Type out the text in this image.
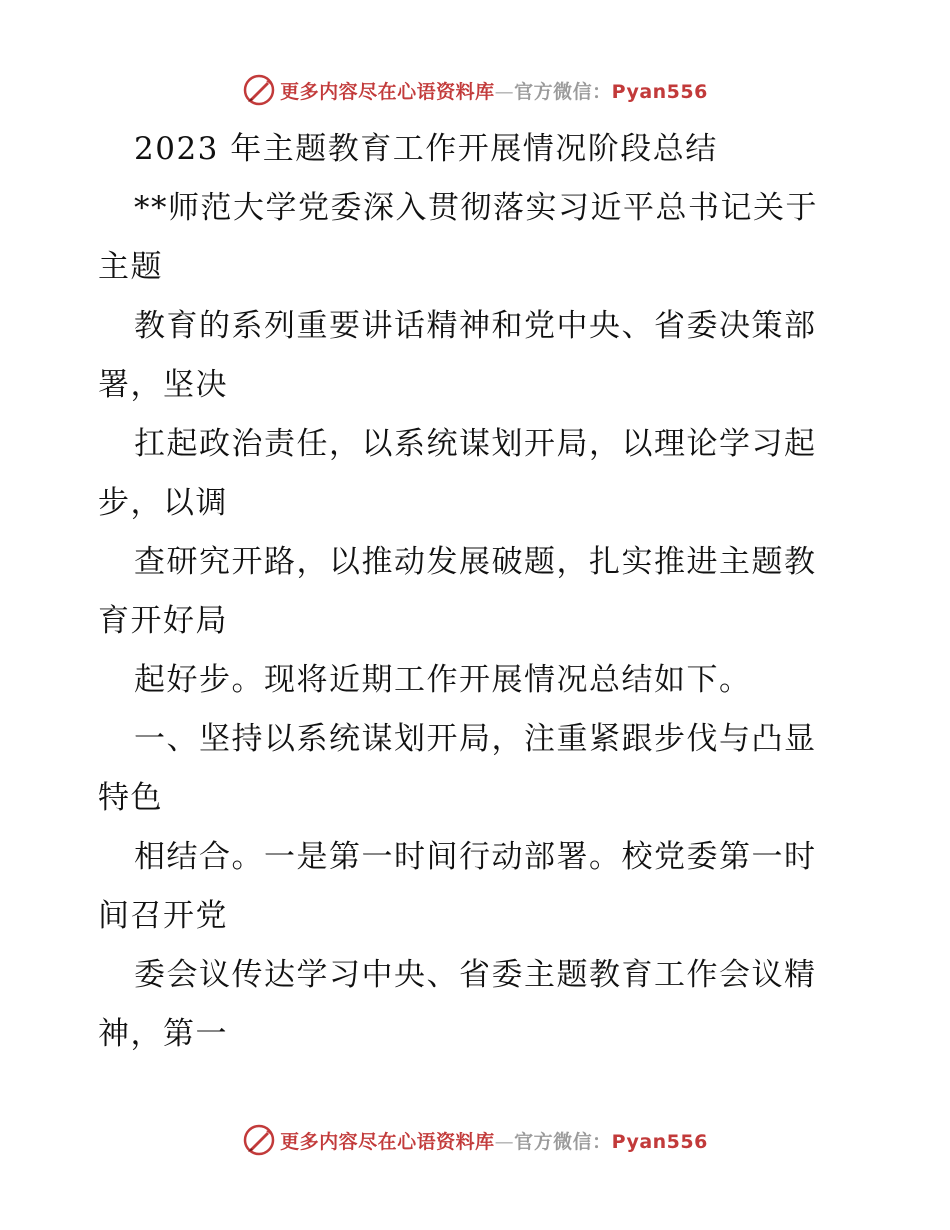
更多内容尽在心语资料库—官方微信：Pyan556
2023 年主题教育工作开展情况阶段总结
**师范大学党委深入贯彻落实习近平总书记关于
主题
教育的系列重要讲话精神和党中央、省委决策部
署，坚决
扛起政治责任，以系统谋划开局，以理论学习起
步，以调
查研究开路，以推动发展破题，扎实推进主题教
育开好局
起好步。现将近期工作开展情况总结如下。
一、坚持以系统谋划开局，注重紧跟步伐与凸显
特色
相结合。一是第一时间行动部署。校党委第一时
间召开党
委会议传达学习中央、省委主题教育工作会议精
神，第一
更多内容尽在心语资料库—官方微信：Pyan556
